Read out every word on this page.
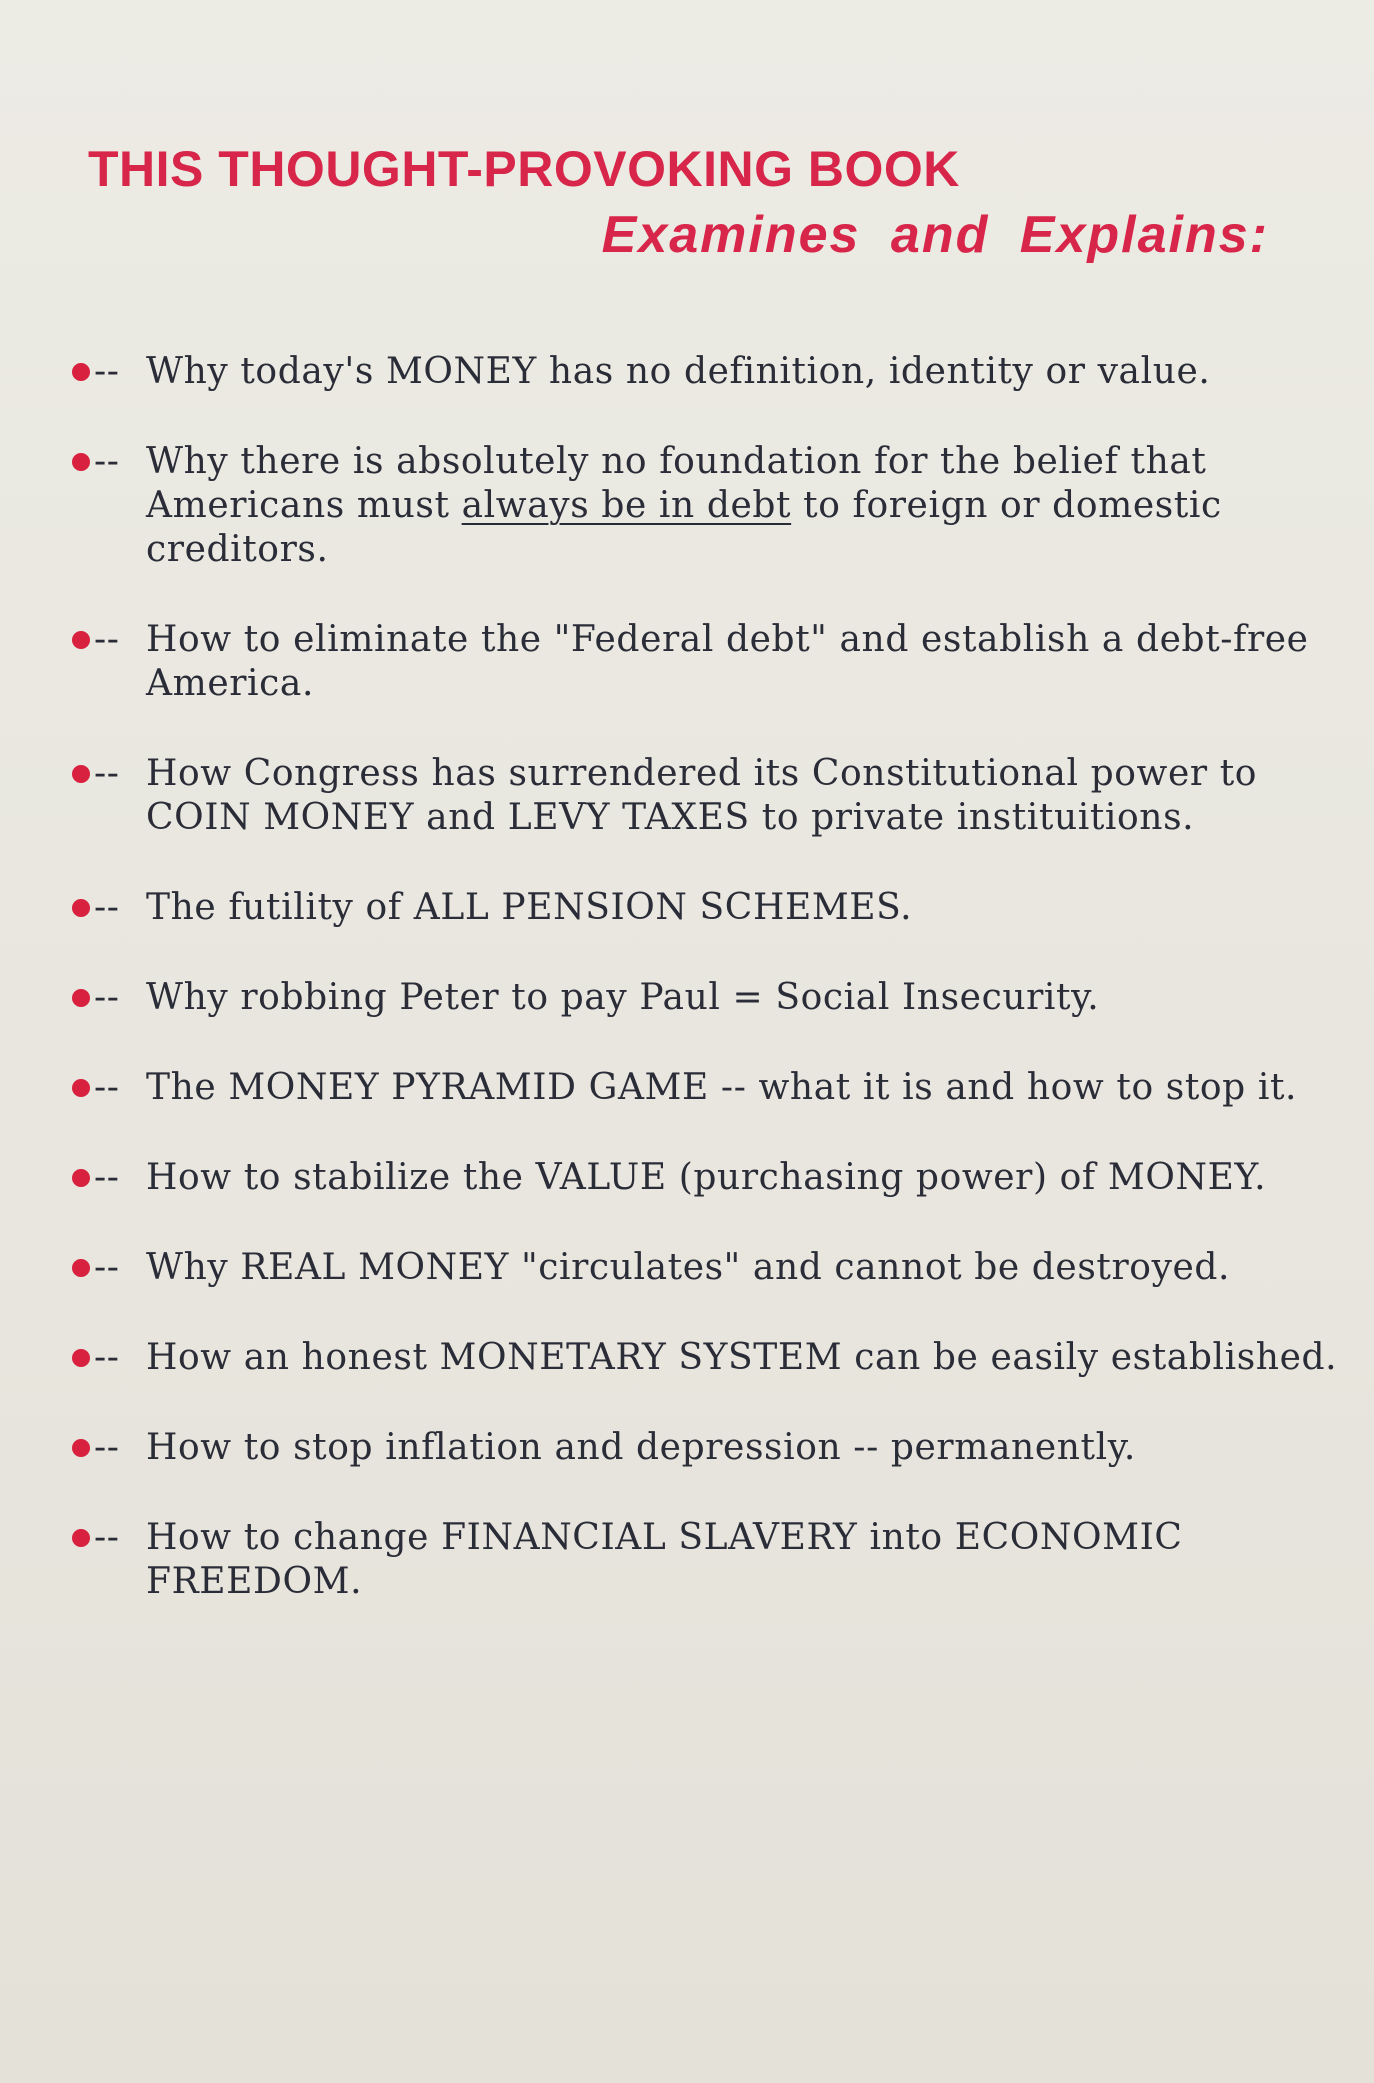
THIS THOUGHT-PROVOKING BOOK
Examines and Explains:
-- Why today's MONEY has no definition, identity or value.
-- Why there is absolutely no foundation for the belief that Americans must always be in debt to foreign or domestic creditors.
-- How to eliminate the "Federal debt" and establish a debt-free America.
-- How Congress has surrendered its Constitutional power to COIN MONEY and LEVY TAXES to private instituitions.
-- The futility of ALL PENSION SCHEMES.
-- Why robbing Peter to pay Paul = Social Insecurity.
-- The MONEY PYRAMID GAME -- what it is and how to stop it.
-- How to stabilize the VALUE (purchasing power) of MONEY.
-- Why REAL MONEY "circulates" and cannot be destroyed.
-- How an honest MONETARY SYSTEM can be easily established.
-- How to stop inflation and depression -- permanently.
-- How to change FINANCIAL SLAVERY into ECONOMIC FREEDOM.
